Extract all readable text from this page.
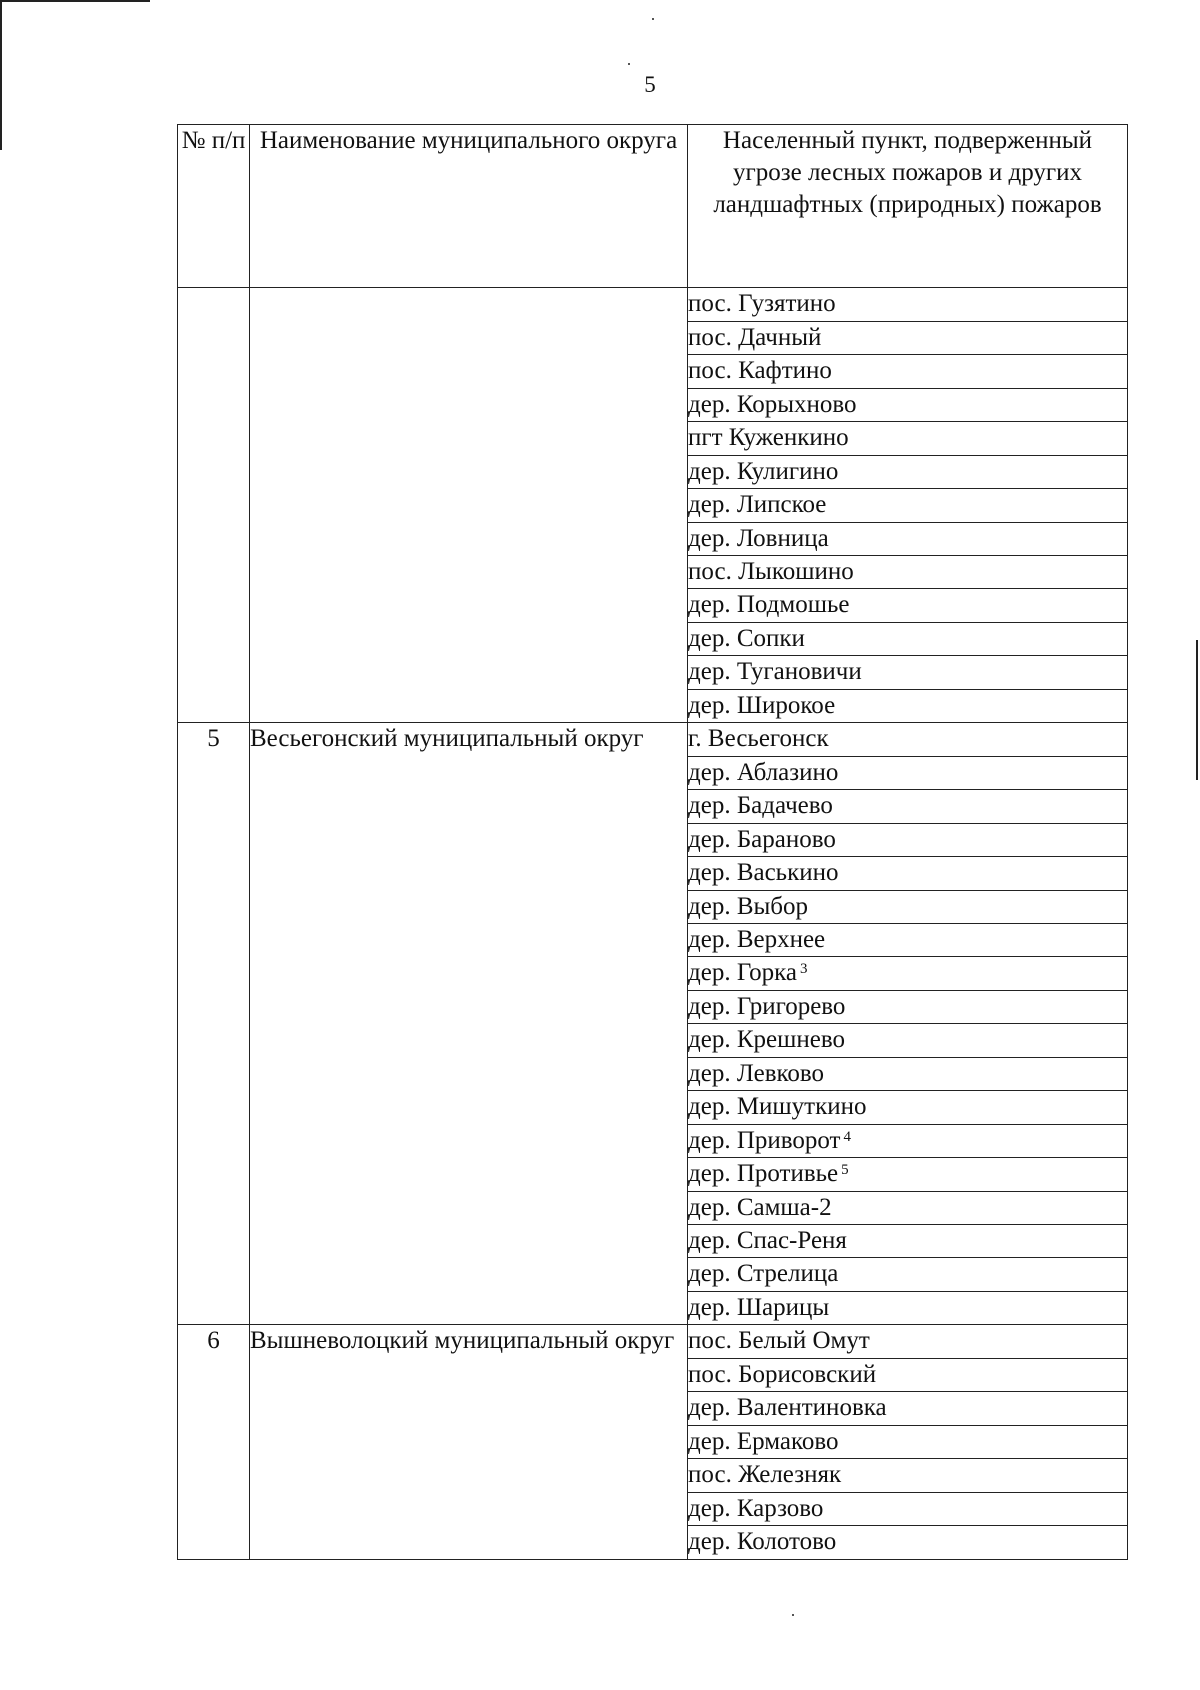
5
№ п/п	Наименование муниципального округа	Населенный пункт, подверженный угрозе лесных пожаров и других ландшафтных (природных) пожаров
		пос. Гузятино
		пос. Дачный
		пос. Кафтино
		дер. Корыхново
		пгт Куженкино
		дер. Кулигино
		дер. Липское
		дер. Ловница
		пос. Лыкошино
		дер. Подмошье
		дер. Сопки
		дер. Тугановичи
		дер. Широкое
5	Весьегонский муниципальный округ	г. Весьегонск
		дер. Аблазино
		дер. Бадачево
		дер. Бараново
		дер. Васькино
		дер. Выбор
		дер. Верхнее
		дер. Горка $^3$
		дер. Григорево
		дер. Крешнево
		дер. Левково
		дер. Мишуткино
		дер. Приворот $^4$
		дер. Противье $^5$
		дер. Самша-2
		дер. Спас-Реня
		дер. Стрелица
		дер. Шарицы
6	Вышневолоцкий муниципальный округ	пос. Белый Омут
		пос. Борисовский
		дер. Валентиновка
		дер. Ермаково
		пос. Железняк
		дер. Карзово
		дер. Колотово
